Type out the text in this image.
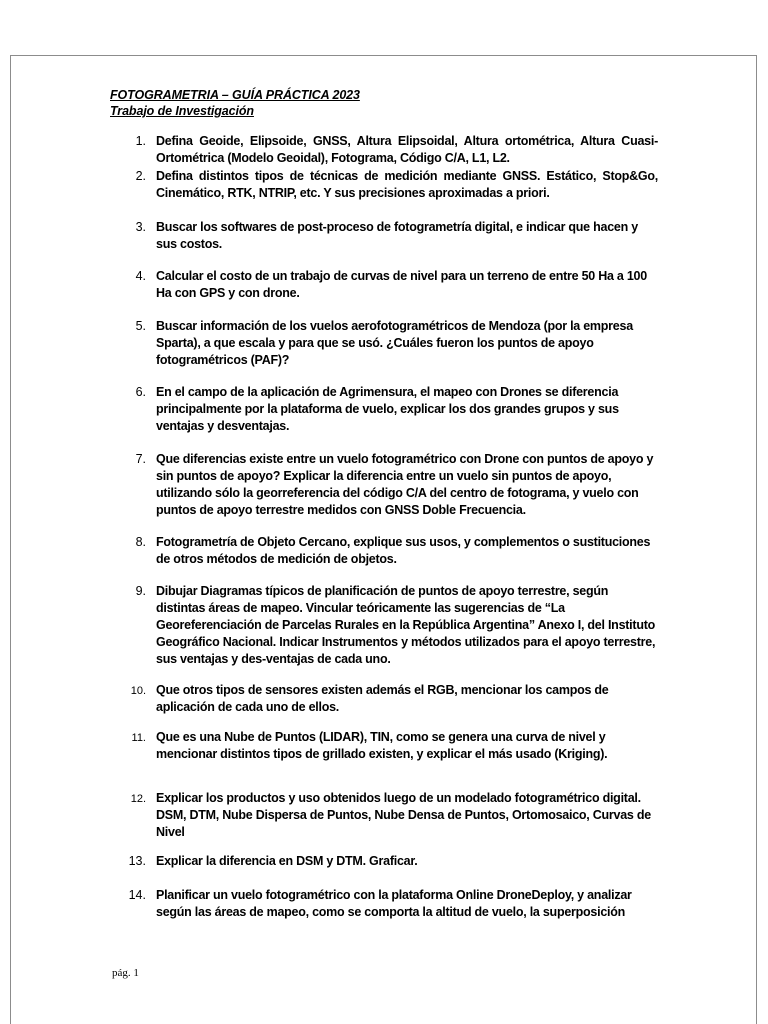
FOTOGRAMETRIA – GUÍA PRÁCTICA 2023

Trabajo de Investigación

1. Defina Geoide, Elipsoide, GNSS, Altura Elipsoidal, Altura ortométrica, Altura Cuasi-Ortométrica (Modelo Geoidal), Fotograma, Código C/A, L1, L2.

2. Defina distintos tipos de técnicas de medición mediante GNSS. Estático, Stop&Go, Cinemático, RTK, NTRIP, etc. Y sus precisiones aproximadas a priori.

3. Buscar los softwares de post-proceso de fotogrametría digital, e indicar que hacen y sus costos.

4. Calcular el costo de un trabajo de curvas de nivel para un terreno de entre 50 Ha a 100 Ha con GPS y con drone.

5. Buscar información de los vuelos aerofotogramétricos de Mendoza (por la empresa Sparta), a que escala y para que se usó. ¿Cuáles fueron los puntos de apoyo fotogramétricos (PAF)?

6. En el campo de la aplicación de Agrimensura, el mapeo con Drones se diferencia principalmente por la plataforma de vuelo, explicar los dos grandes grupos y sus ventajas y desventajas.

7. Que diferencias existe entre un vuelo fotogramétrico con Drone con puntos de apoyo y sin puntos de apoyo? Explicar la diferencia entre un vuelo sin puntos de apoyo, utilizando sólo la georreferencia del código C/A del centro de fotograma, y vuelo con puntos de apoyo terrestre medidos con GNSS Doble Frecuencia.

8. Fotogrametría de Objeto Cercano, explique sus usos, y complementos o sustituciones de otros métodos de medición de objetos.

9. Dibujar Diagramas típicos de planificación de puntos de apoyo terrestre, según distintas áreas de mapeo. Vincular teóricamente las sugerencias de “La Georeferenciación de Parcelas Rurales en la República Argentina” Anexo I, del Instituto Geográfico Nacional. Indicar Instrumentos y métodos utilizados para el apoyo terrestre, sus ventajas y des-ventajas de cada uno.

10. Que otros tipos de sensores existen además el RGB, mencionar los campos de aplicación de cada uno de ellos.

11. Que es una Nube de Puntos (LIDAR), TIN, como se genera una curva de nivel y mencionar distintos tipos de grillado existen, y explicar el más usado (Kriging).

12. Explicar los productos y uso obtenidos luego de un modelado fotogramétrico digital. DSM, DTM, Nube Dispersa de Puntos, Nube Densa de Puntos, Ortomosaico, Curvas de Nivel

13. Explicar la diferencia en DSM y DTM. Graficar.

14. Planificar un vuelo fotogramétrico con la plataforma Online DroneDeploy, y analizar según las áreas de mapeo, como se comporta la altitud de vuelo, la superposición

pág. 1
